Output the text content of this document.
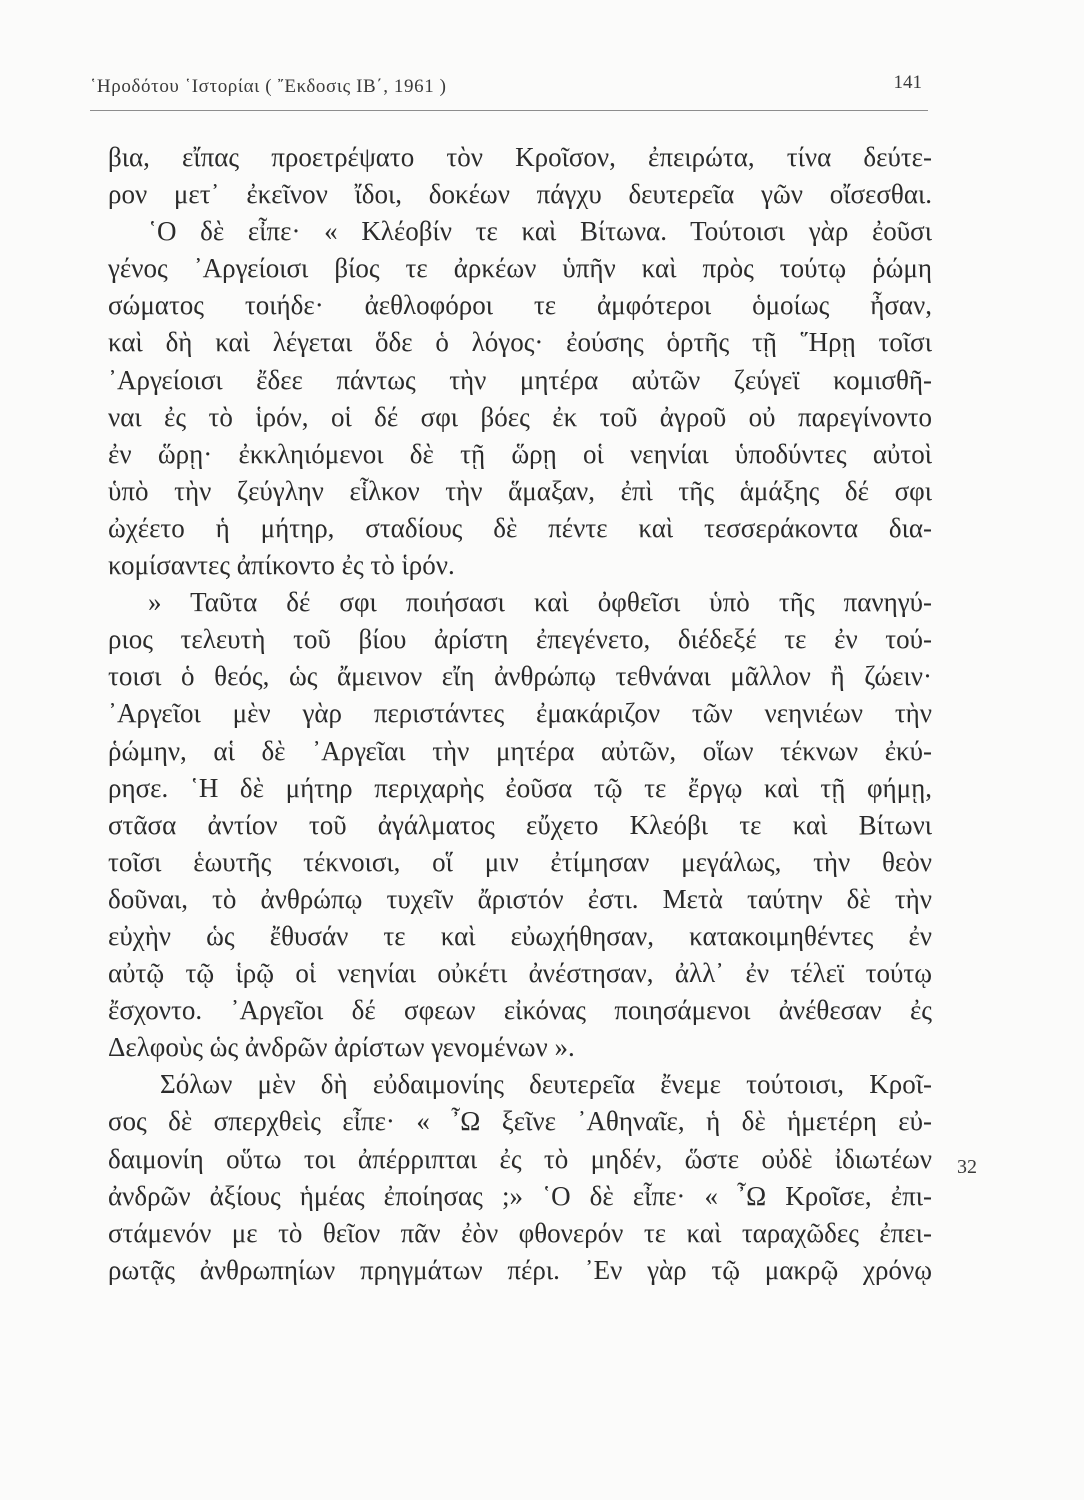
῾Ηροδότου ῾Ιστορίαι ( ῎Εκδοσις ΙΒ΄, 1961 )	141
βια, εἴπας προετρέψατο τὸν Κροῖσον, ἐπειρώτα, τίνα δεύτε-
ρον μετ᾽ ἐκεῖνον ἴδοι, δοκέων πάγχυ δευτερεῖα γῶν οἴσεσθαι.
῾Ο δὲ εἶπε· « Κλέοβίν τε καὶ Βίτωνα. Τούτοισι γὰρ ἐοῦσι
γένος ᾿Αργείοισι βίος τε ἀρκέων ὑπῆν καὶ πρὸς τούτῳ ῥώμη
σώματος τοιήδε· ἀεθλοφόροι τε ἀμφότεροι ὁμοίως ἦσαν,
καὶ δὴ καὶ λέγεται ὅδε ὁ λόγος· ἐούσης ὁρτῆς τῇ ῞Ηρῃ τοῖσι
᾿Αργείοισι ἔδεε πάντως τὴν μητέρα αὐτῶν ζεύγεϊ κομισθῆ-
ναι ἐς τὸ ἱρόν, οἱ δέ σφι βόες ἐκ τοῦ ἀγροῦ οὐ παρεγίνοντο
ἐν ὥρῃ· ἐκκληιόμενοι δὲ τῇ ὥρῃ οἱ νεηνίαι ὑποδύντες αὐτοὶ
ὑπὸ τὴν ζεύγλην εἷλκον τὴν ἅμαξαν, ἐπὶ τῆς ἁμάξης δέ σφι
ὠχέετο ἡ μήτηρ, σταδίους δὲ πέντε καὶ τεσσεράκοντα δια-
κομίσαντες ἀπίκοντο ἐς τὸ ἱρόν.
» Ταῦτα δέ σφι ποιήσασι καὶ ὀφθεῖσι ὑπὸ τῆς πανηγύ-
ριος τελευτὴ τοῦ βίου ἀρίστη ἐπεγένετο, διέδεξέ τε ἐν τού-
τοισι ὁ θεός, ὡς ἄμεινον εἴη ἀνθρώπῳ τεθνάναι μᾶλλον ἢ ζώειν·
᾿Αργεῖοι μὲν γὰρ περιστάντες ἐμακάριζον τῶν νεηνιέων τὴν
ῥώμην, αἱ δὲ ᾿Αργεῖαι τὴν μητέρα αὐτῶν, οἵων τέκνων ἐκύ-
ρησε. ῾Η δὲ μήτηρ περιχαρὴς ἐοῦσα τῷ τε ἔργῳ καὶ τῇ φήμῃ,
στᾶσα ἀντίον τοῦ ἀγάλματος εὔχετο Κλεόβι τε καὶ Βίτωνι
τοῖσι ἑωυτῆς τέκνοισι, οἵ μιν ἐτίμησαν μεγάλως, τὴν θεὸν
δοῦναι, τὸ ἀνθρώπῳ τυχεῖν ἄριστόν ἐστι. Μετὰ ταύτην δὲ τὴν
εὐχὴν ὡς ἔθυσάν τε καὶ εὐωχήθησαν, κατακοιμηθέντες ἐν
αὐτῷ τῷ ἱρῷ οἱ νεηνίαι οὐκέτι ἀνέστησαν, ἀλλ᾽ ἐν τέλεϊ τούτῳ
ἔσχοντο. ᾿Αργεῖοι δέ σφεων εἰκόνας ποιησάμενοι ἀνέθεσαν ἐς
Δελφοὺς ὡς ἀνδρῶν ἀρίστων γενομένων ».
Σόλων μὲν δὴ εὐδαιμονίης δευτερεῖα ἔνεμε τούτοισι, Κροῖ-
σος δὲ σπερχθεὶς εἶπε· « ῏Ω ξεῖνε ᾿Αθηναῖε, ἡ δὲ ἡμετέρη εὐ-
δαιμονίη οὕτω τοι ἀπέρριπται ἐς τὸ μηδέν, ὥστε οὐδὲ ἰδιωτέων
ἀνδρῶν ἀξίους ἡμέας ἐποίησας ;» ῾Ο δὲ εἶπε· « ῏Ω Κροῖσε, ἐπι-
στάμενόν με τὸ θεῖον πᾶν ἐὸν φθονερόν τε καὶ ταραχῶδες ἐπει-
ρωτᾷς ἀνθρωπηίων πρηγμάτων πέρι. ᾿Εν γὰρ τῷ μακρῷ χρόνῳ
32
